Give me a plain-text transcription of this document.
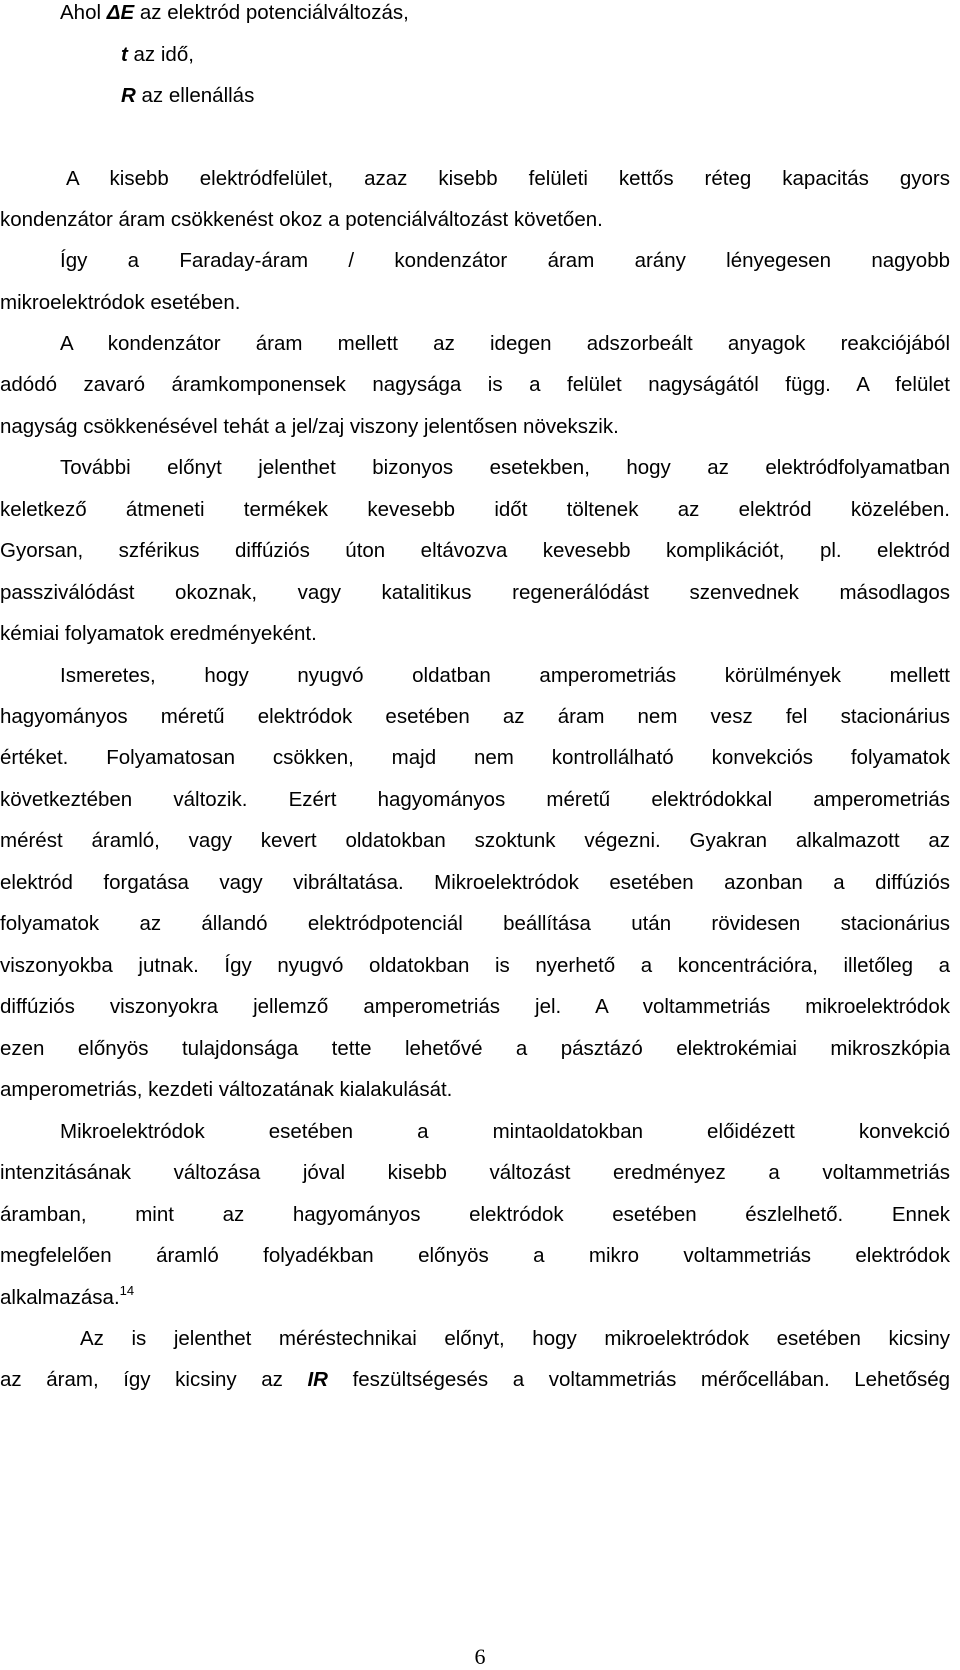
Ahol ΔE az elektród potenciálváltozás,
t az idő,
R az ellenállás
A kisebb elektródfelület, azaz kisebb felületi kettős réteg kapacitás gyors
kondenzátor áram csökkenést okoz a potenciálváltozást követően.
Így a Faraday-áram / kondenzátor áram arány lényegesen nagyobb
mikroelektródok esetében.
A kondenzátor áram mellett az idegen adszorbeált anyagok reakciójából
adódó zavaró áramkomponensek nagysága is a felület nagyságától függ. A felület
nagyság csökkenésével tehát a jel/zaj viszony jelentősen növekszik.
További előnyt jelenthet bizonyos esetekben, hogy az elektródfolyamatban
keletkező átmeneti termékek kevesebb időt töltenek az elektród közelében.
Gyorsan, szférikus diffúziós úton eltávozva kevesebb komplikációt, pl. elektród
passziválódást okoznak, vagy katalitikus regenerálódást szenvednek másodlagos
kémiai folyamatok eredményeként.
Ismeretes, hogy nyugvó oldatban amperometriás körülmények mellett
hagyományos méretű elektródok esetében az áram nem vesz fel stacionárius
értéket. Folyamatosan csökken, majd nem kontrollálható konvekciós folyamatok
következtében változik. Ezért hagyományos méretű elektródokkal amperometriás
mérést áramló, vagy kevert oldatokban szoktunk végezni. Gyakran alkalmazott az
elektród forgatása vagy vibráltatása. Mikroelektródok esetében azonban a diffúziós
folyamatok az állandó elektródpotenciál beállítása után rövidesen stacionárius
viszonyokba jutnak. Így nyugvó oldatokban is nyerhető a koncentrációra, illetőleg a
diffúziós viszonyokra jellemző amperometriás jel. A voltammetriás mikroelektródok
ezen előnyös tulajdonsága tette lehetővé a pásztázó elektrokémiai mikroszkópia
amperometriás, kezdeti változatának kialakulását.
Mikroelektródok esetében a mintaoldatokban előidézett konvekció
intenzitásának változása jóval kisebb változást eredményez a voltammetriás
áramban, mint az hagyományos elektródok esetében észlelhető. Ennek
megfelelően áramló folyadékban előnyös a mikro voltammetriás elektródok
alkalmazása.$^{14}$
Az is jelenthet méréstechnikai előnyt, hogy mikroelektródok esetében kicsiny
az áram, így kicsiny az IR feszültségesés a voltammetriás mérőcellában. Lehetőség
6
